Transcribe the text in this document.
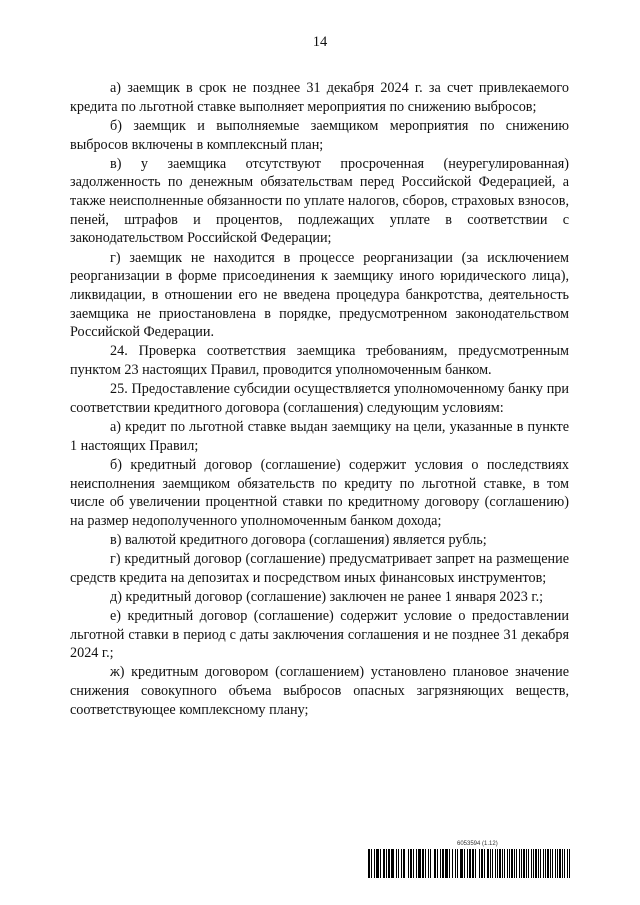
14

а) заемщик в срок не позднее 31 декабря 2024 г. за счет привлекаемого кредита по льготной ставке выполняет мероприятия по снижению выбросов;

б) заемщик и выполняемые заемщиком мероприятия по снижению выбросов включены в комплексный план;

в) у заемщика отсутствуют просроченная (неурегулированная) задолженность по денежным обязательствам перед Российской Федерацией, а также неисполненные обязанности по уплате налогов, сборов, страховых взносов, пеней, штрафов и процентов, подлежащих уплате в соответствии с законодательством Российской Федерации;

г) заемщик не находится в процессе реорганизации (за исключением реорганизации в форме присоединения к заемщику иного юридического лица), ликвидации, в отношении его не введена процедура банкротства, деятельность заемщика не приостановлена в порядке, предусмотренном законодательством Российской Федерации.

24. Проверка соответствия заемщика требованиям, предусмотренным пунктом 23 настоящих Правил, проводится уполномоченным банком.

25. Предоставление субсидии осуществляется уполномоченному банку при соответствии кредитного договора (соглашения) следующим условиям:

а) кредит по льготной ставке выдан заемщику на цели, указанные в пункте 1 настоящих Правил;

б) кредитный договор (соглашение) содержит условия о последствиях неисполнения заемщиком обязательств по кредиту по льготной ставке, в том числе об увеличении процентной ставки по кредитному договору (соглашению) на размер недополученного уполномоченным банком дохода;

в) валютой кредитного договора (соглашения) является рубль;

г) кредитный договор (соглашение) предусматривает запрет на размещение средств кредита на депозитах и посредством иных финансовых инструментов;

д) кредитный договор (соглашение) заключен не ранее 1 января 2023 г.;

е) кредитный договор (соглашение) содержит условие о предоставлении льготной ставки в период с даты заключения соглашения и не позднее 31 декабря 2024 г.;

ж) кредитным договором (соглашением) установлено плановое значение снижения совокупного объема выбросов опасных загрязняющих веществ, соответствующее комплексному плану;

6053594 (1.12)
